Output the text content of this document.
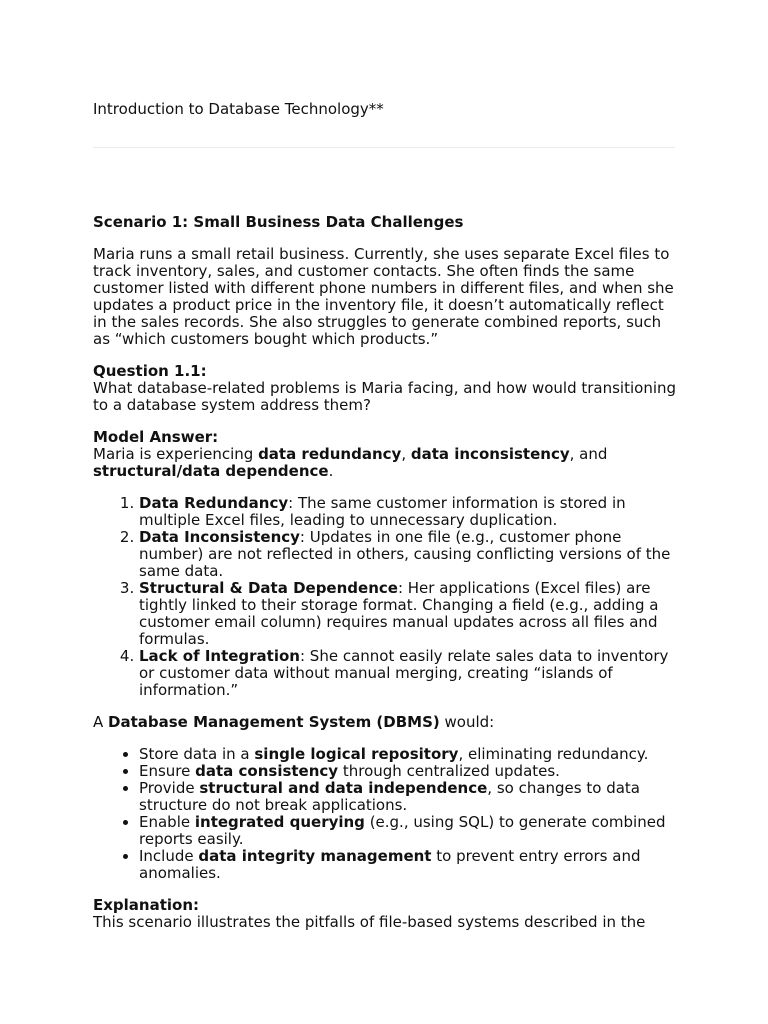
Introduction to Database Technology**
Scenario 1: Small Business Data Challenges

Maria runs a small retail business. Currently, she uses separate Excel files to track inventory, sales, and customer contacts. She often finds the same customer listed with different phone numbers in different files, and when she updates a product price in the inventory file, it doesn’t automatically reflect in the sales records. She also struggles to generate combined reports, such as “which customers bought which products.”

Question 1.1:
What database-related problems is Maria facing, and how would transitioning to a database system address them?

Model Answer:
Maria is experiencing data redundancy, data inconsistency, and structural/data dependence.

1. Data Redundancy: The same customer information is stored in multiple Excel files, leading to unnecessary duplication.
2. Data Inconsistency: Updates in one file (e.g., customer phone number) are not reflected in others, causing conflicting versions of the same data.
3. Structural & Data Dependence: Her applications (Excel files) are tightly linked to their storage format. Changing a field (e.g., adding a customer email column) requires manual updates across all files and formulas.
4. Lack of Integration: She cannot easily relate sales data to inventory or customer data without manual merging, creating “islands of information.”

A Database Management System (DBMS) would:

• Store data in a single logical repository, eliminating redundancy.
• Ensure data consistency through centralized updates.
• Provide structural and data independence, so changes to data structure do not break applications.
• Enable integrated querying (e.g., using SQL) to generate combined reports easily.
• Include data integrity management to prevent entry errors and anomalies.

Explanation:
This scenario illustrates the pitfalls of file-based systems described in the
